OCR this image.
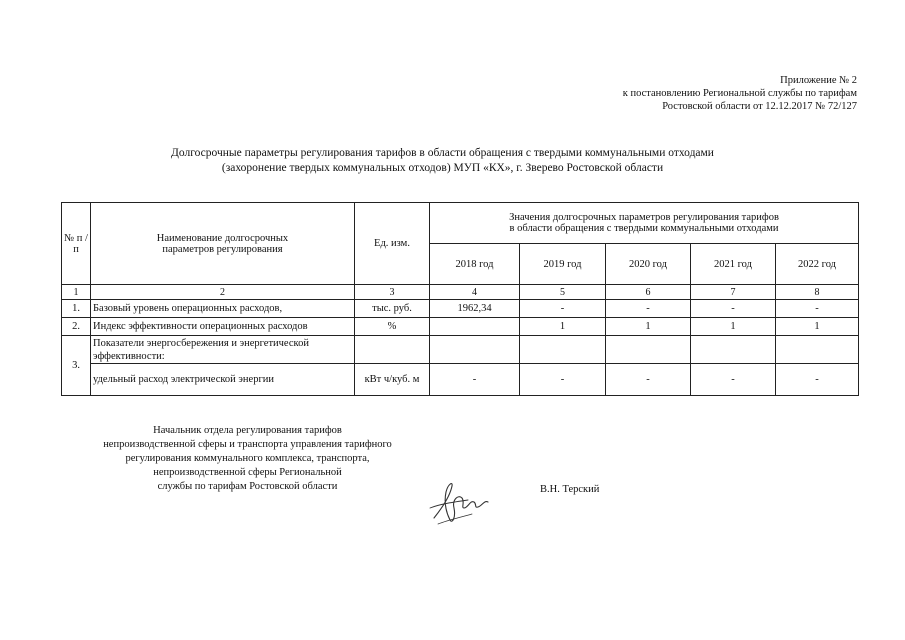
Приложение № 2
к постановлению Региональной службы по тарифам
Ростовской области от 12.12.2017 № 72/127
Долгосрочные параметры регулирования тарифов в области обращения с твердыми коммунальными отходами
(захоронение твердых коммунальных отходов) МУП «КХ», г. Зверево Ростовской области
№ п /п	Наименование долгосрочных параметров регулирования	Ед. изм.	Значения долгосрочных параметров регулирования тарифов
в области обращения с твердыми коммунальными отходами				

			2018 год	2019 год	2020 год	2021 год	2022 год
1	2	3	4	5	6	7	8
1.	Базовый уровень операционных расходов,	тыс. руб.	1962,34	-	-	-	-
2.	Индекс эффективности операционных расходов	%		1	1	1	1
3.	Показатели энергосбережения и энергетической эффективности:						
	удельный расход электрической энергии	кВт ч/куб. м	-	-	-	-	-
Начальник отдела регулирования тарифов
непроизводственной сферы и транспорта управления тарифного
регулирования коммунального комплекса, транспорта,
непроизводственной сферы Региональной
службы по тарифам Ростовской области	В.Н. Терский
